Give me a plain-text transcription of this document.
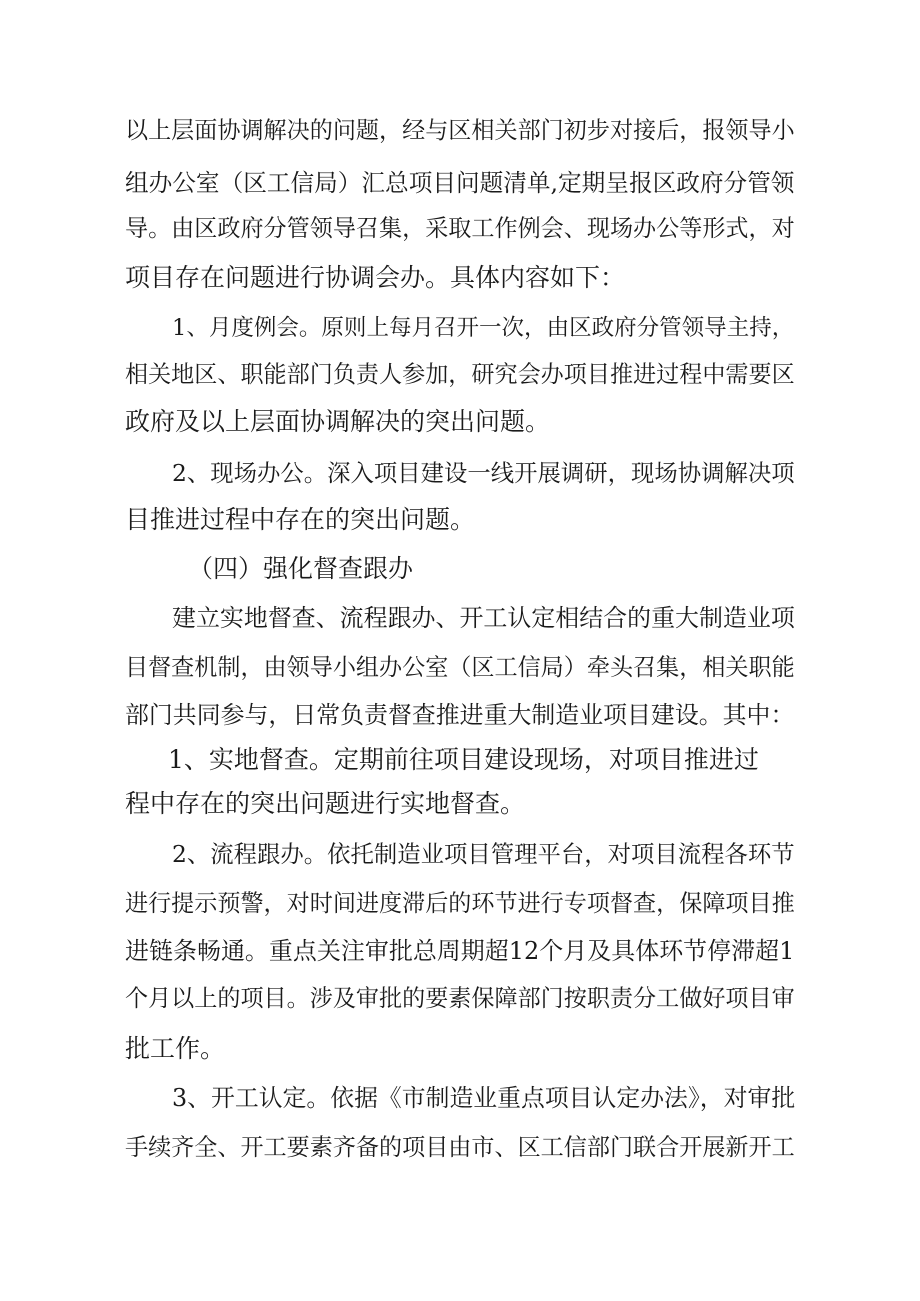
以上层面协调解决的问题，经与区相关部门初步对接后，报领导小
组办公室（区工信局）汇总项目问题清单,定期呈报区政府分管领
导。由区政府分管领导召集，采取工作例会、现场办公等形式，对
项目存在问题进行协调会办。具体内容如下：
1、月度例会。原则上每月召开一次，由区政府分管领导主持，
相关地区、职能部门负责人参加，研究会办项目推进过程中需要区
政府及以上层面协调解决的突出问题。
2、现场办公。深入项目建设一线开展调研，现场协调解决项
目推进过程中存在的突出问题。
（四）强化督查跟办
建立实地督查、流程跟办、开工认定相结合的重大制造业项
目督查机制，由领导小组办公室（区工信局）牵头召集，相关职能
部门共同参与，日常负责督查推进重大制造业项目建设。其中：
1、实地督查。定期前往项目建设现场，对项目推进过
程中存在的突出问题进行实地督查。
2、流程跟办。依托制造业项目管理平台，对项目流程各环节
进行提示预警，对时间进度滞后的环节进行专项督查，保障项目推
进链条畅通。重点关注审批总周期超12个月及具体环节停滞超1
个月以上的项目。涉及审批的要素保障部门按职责分工做好项目审
批工作。
3、开工认定。依据《市制造业重点项目认定办法》，对审批
手续齐全、开工要素齐备的项目由市、区工信部门联合开展新开工
